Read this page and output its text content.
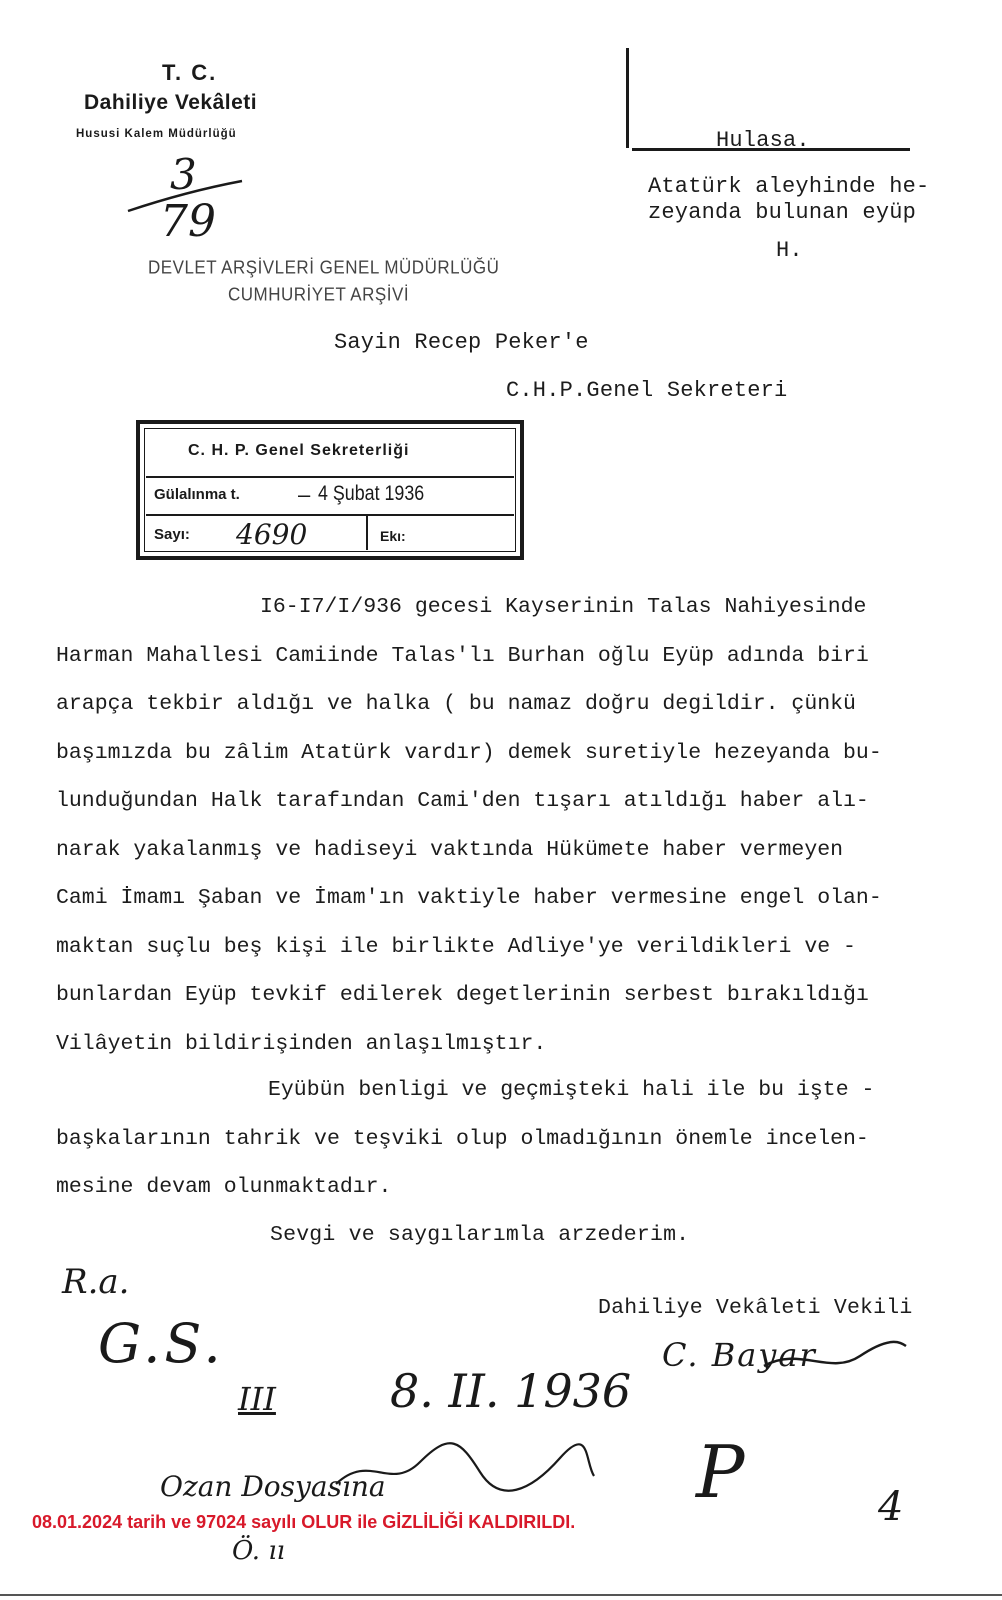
T. C.
Dahiliye Vekâleti
Hususi Kalem Müdürlüğü
3
79
DEVLET ARŞİVLERİ GENEL MÜDÜRLÜĞÜ
CUMHURİYET ARŞİVİ
Hulasa.
Atatürk aleyhinde he-
zeyanda bulunan eyüp
H.
Sayin Recep Peker'e
C.H.P.Genel Sekreteri
C. H. P. Genel Sekreterliği
Gülalınma t.	– 4 Şubat 1936
Sayı: 4690	Ekı:
I6-I7/I/936 gecesi Kayserinin Talas Nahiyesinde
Harman Mahallesi Camiinde Talas'lı Burhan oğlu Eyüp adında biri
arapça tekbir aldığı ve halka ( bu namaz doğru degildir. çünkü
başımızda bu zâlim Atatürk vardır) demek suretiyle hezeyanda bu-
lunduğundan Halk tarafından Cami'den tışarı atıldığı haber alı-
narak yakalanmış ve hadiseyi vaktında Hükümete haber vermeyen
Cami İmamı Şaban ve İmam'ın vaktiyle haber vermesine engel olan-
maktan suçlu beş kişi ile birlikte Adliye'ye verildikleri ve -
bunlardan Eyüp tevkif edilerek degetlerinin serbest bırakıldığı
Vilâyetin bildirişinden anlaşılmıştır.
Eyübün benligi ve geçmişteki hali ile bu işte -
başkalarının tahrik ve teşviki olup olmadığının önemle incelen-
mesine devam olunmaktadır.
Sevgi ve saygılarımla arzederim.
Dahiliye Vekâleti Vekili
C. Bayar
R.a.
G.S.
III 8. II. 1936
P
Ozan Dosyasına
Ö. ıı
4
08.01.2024 tarih ve 97024 sayılı OLUR ile GİZLİLİĞİ KALDIRILDI.
